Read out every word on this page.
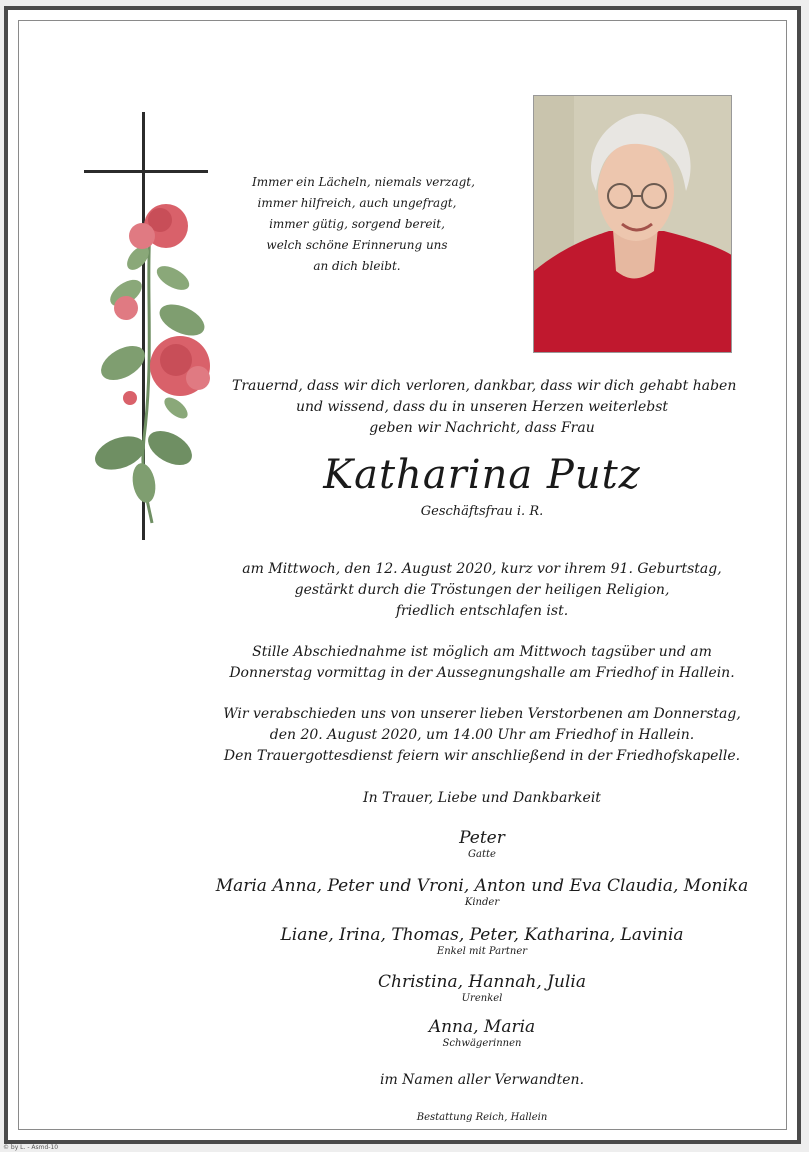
Immer ein Lächeln, niemals verzagt,
immer hilfreich, auch ungefragt,
immer gütig, sorgend bereit,
welch schöne Erinnerung uns
an dich bleibt.
Trauernd, dass wir dich verloren, dankbar, dass wir dich gehabt haben
und wissend, dass du in unseren Herzen weiterlebst
geben wir Nachricht, dass Frau
Katharina Putz
Geschäftsfrau i. R.
am Mittwoch, den 12. August 2020, kurz vor ihrem 91. Geburtstag,
gestärkt durch die Tröstungen der heiligen Religion,
friedlich entschlafen ist.
Stille Abschiednahme ist möglich am Mittwoch tagsüber und am
Donnerstag vormittag in der Aussegnungshalle am Friedhof in Hallein.
Wir verabschieden uns von unserer lieben Verstorbenen am Donnerstag,
den 20. August 2020, um 14.00 Uhr am Friedhof in Hallein.
Den Trauergottesdienst feiern wir anschließend in der Friedhofskapelle.
In Trauer, Liebe und Dankbarkeit
Peter
Gatte
Maria Anna, Peter und Vroni, Anton und Eva Claudia, Monika
Kinder
Liane, Irina, Thomas, Peter, Katharina, Lavinia
Enkel mit Partner
Christina, Hannah, Julia
Urenkel
Anna, Maria
Schwägerinnen
im Namen aller Verwandten.
Bestattung Reich, Hallein
© by L. - Asmd-10
